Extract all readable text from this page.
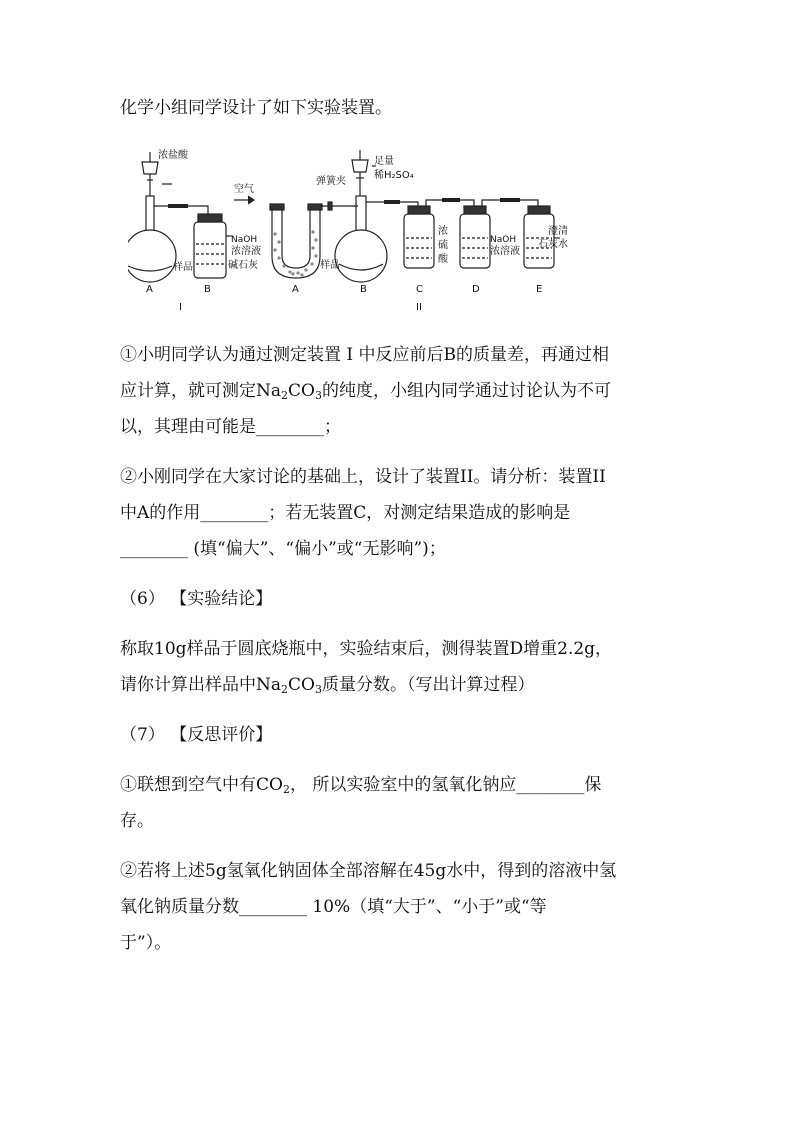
化学小组同学设计了如下实验装置。
浓盐酸
样品
NaOH
浓溶液
空气
弹簧夹
足量
稀H₂SO₄
碱石灰	样品
浓
硫
酸
NaOH
浓溶液
澄清
石灰水
A	B
I
A	B	C	D	E
II
①小明同学认为通过测定装置 I 中反应前后B的质量差，再通过相
应计算，就可测定$Na_2CO_3$的纯度，小组内同学通过讨论认为不可
以，其理由可能是________；
②小刚同学在大家讨论的基础上，设计了装置II。请分析：装置II
中A的作用________；若无装置C，对测定结果造成的影响是
________ (填“偏大”、“偏小”或“无影响”)；
（6） 【实验结论】
称取10g样品于圆底烧瓶中，实验结束后，测得装置D增重2.2g，
请你计算出样品中$Na_2CO_3$质量分数。（写出计算过程）
（7） 【反思评价】
①联想到空气中有$CO_2$， 所以实验室中的氢氧化钠应________保
存。
②若将上述5g氢氧化钠固体全部溶解在45g水中，得到的溶液中氢
氧化钠质量分数________ 10%（填“大于”、“小于”或“等
于”）。
